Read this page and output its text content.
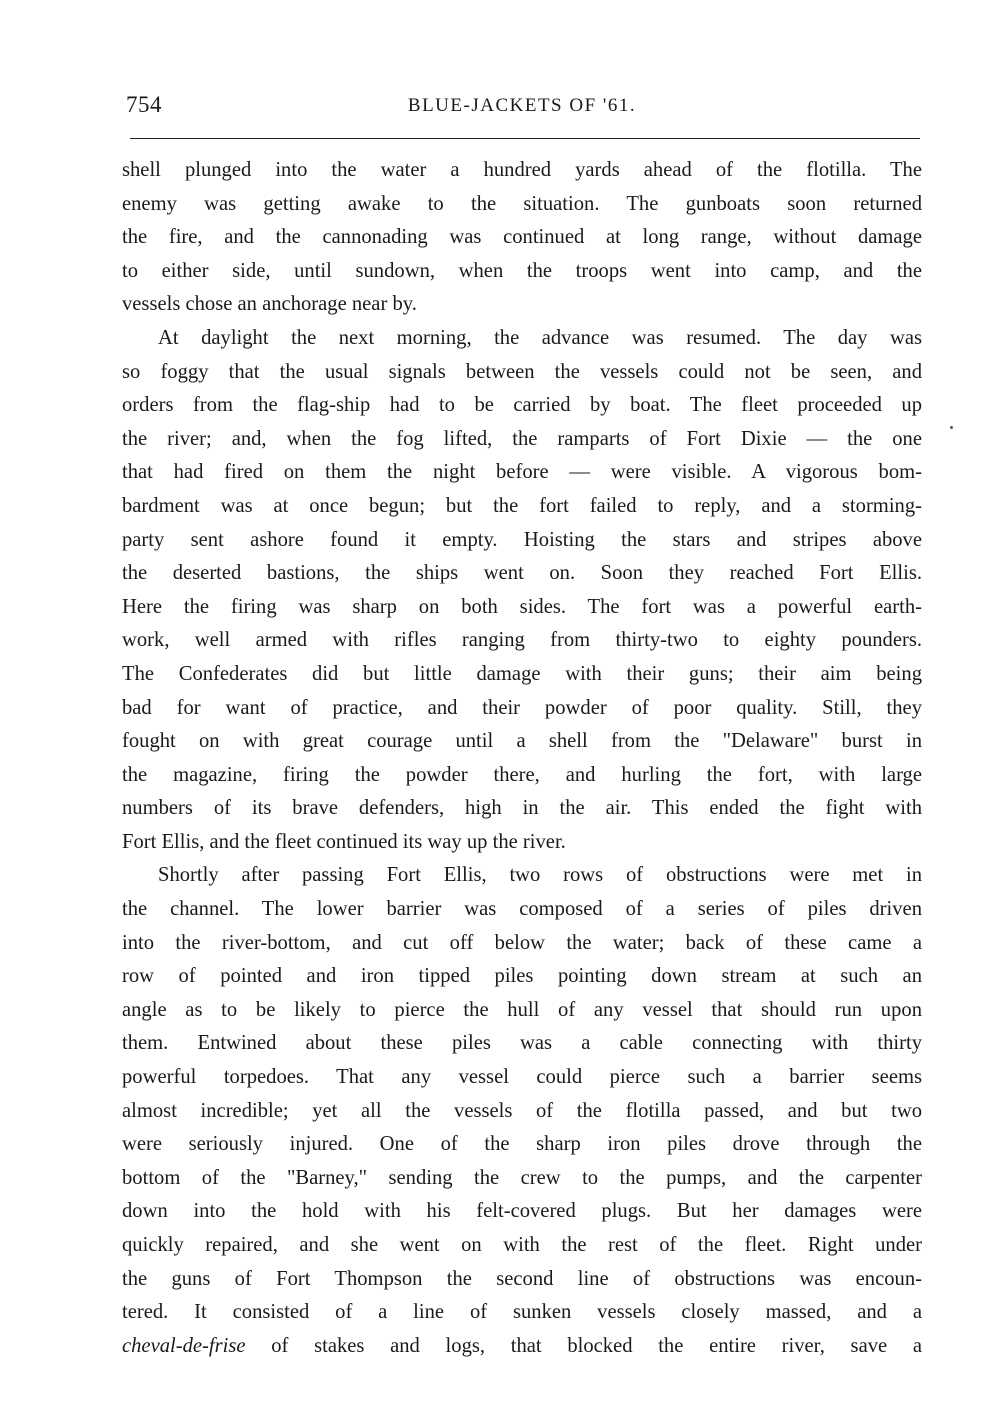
754	BLUE-JACKETS OF '61.

shell plunged into the water a hundred yards ahead of the flotilla. The
enemy was getting awake to the situation. The gunboats soon returned
the fire, and the cannonading was continued at long range, without damage
to either side, until sundown, when the troops went into camp, and the
vessels chose an anchorage near by.

At daylight the next morning, the advance was resumed. The day was
so foggy that the usual signals between the vessels could not be seen, and
orders from the flag-ship had to be carried by boat. The fleet proceeded up
the river; and, when the fog lifted, the ramparts of Fort Dixie — the one
that had fired on them the night before — were visible. A vigorous bom-
bardment was at once begun; but the fort failed to reply, and a storming-
party sent ashore found it empty. Hoisting the stars and stripes above
the deserted bastions, the ships went on. Soon they reached Fort Ellis.
Here the firing was sharp on both sides. The fort was a powerful earth-
work, well armed with rifles ranging from thirty-two to eighty pounders.
The Confederates did but little damage with their guns; their aim being
bad for want of practice, and their powder of poor quality. Still, they
fought on with great courage until a shell from the "Delaware" burst in
the magazine, firing the powder there, and hurling the fort, with large
numbers of its brave defenders, high in the air. This ended the fight with
Fort Ellis, and the fleet continued its way up the river.

Shortly after passing Fort Ellis, two rows of obstructions were met in
the channel. The lower barrier was composed of a series of piles driven
into the river-bottom, and cut off below the water; back of these came a
row of pointed and iron tipped piles pointing down stream at such an
angle as to be likely to pierce the hull of any vessel that should run upon
them. Entwined about these piles was a cable connecting with thirty
powerful torpedoes. That any vessel could pierce such a barrier seems
almost incredible; yet all the vessels of the flotilla passed, and but two
were seriously injured. One of the sharp iron piles drove through the
bottom of the "Barney," sending the crew to the pumps, and the carpenter
down into the hold with his felt-covered plugs. But her damages were
quickly repaired, and she went on with the rest of the fleet. Right under
the guns of Fort Thompson the second line of obstructions was encoun-
tered. It consisted of a line of sunken vessels closely massed, and a
cheval-de-frise of stakes and logs, that blocked the entire river, save a
